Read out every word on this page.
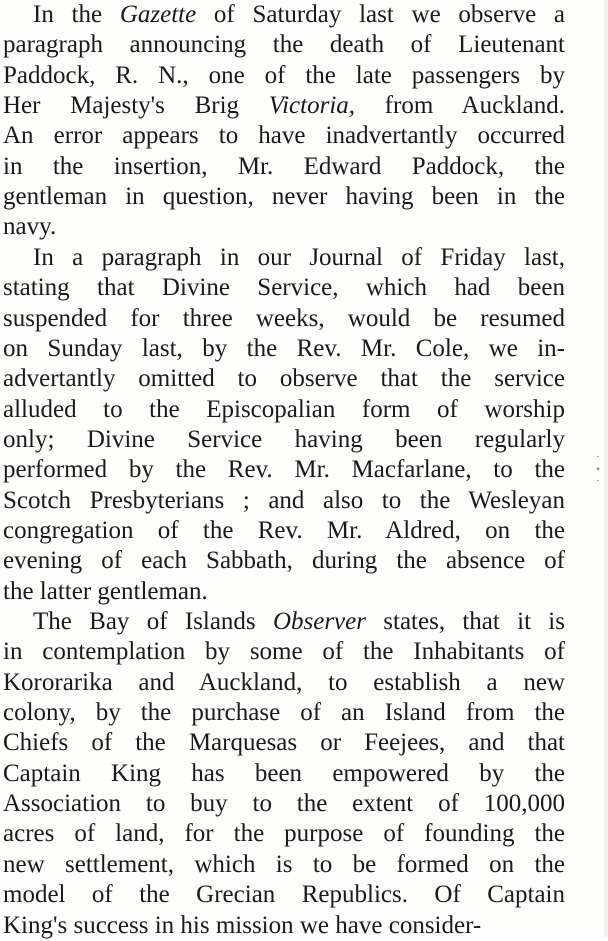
In the Gazette of Saturday last we observe a
paragraph announcing the death of Lieutenant
Paddock, R. N., one of the late passengers by
Her Majesty's Brig Victoria, from Auckland.
An error appears to have inadvertantly occurred
in the insertion, Mr. Edward Paddock, the
gentleman in question, never having been in the
navy.
In a paragraph in our Journal of Friday last,
stating that Divine Service, which had been
suspended for three weeks, would be resumed
on Sunday last, by the Rev. Mr. Cole, we in-
advertantly omitted to observe that the service
alluded to the Episcopalian form of worship
only; Divine Service having been regularly
performed by the Rev. Mr. Macfarlane, to the
Scotch Presbyterians ; and also to the Wesleyan
congregation of the Rev. Mr. Aldred, on the
evening of each Sabbath, during the absence of
the latter gentleman.
The Bay of Islands Observer states, that it is
in contemplation by some of the Inhabitants of
Kororarika and Auckland, to establish a new
colony, by the purchase of an Island from the
Chiefs of the Marquesas or Feejees, and that
Captain King has been empowered by the
Association to buy to the extent of 100,000
acres of land, for the purpose of founding the
new settlement, which is to be formed on the
model of the Grecian Republics. Of Captain
King's success in his mission we have consider-
⋅
⋆
⋅
